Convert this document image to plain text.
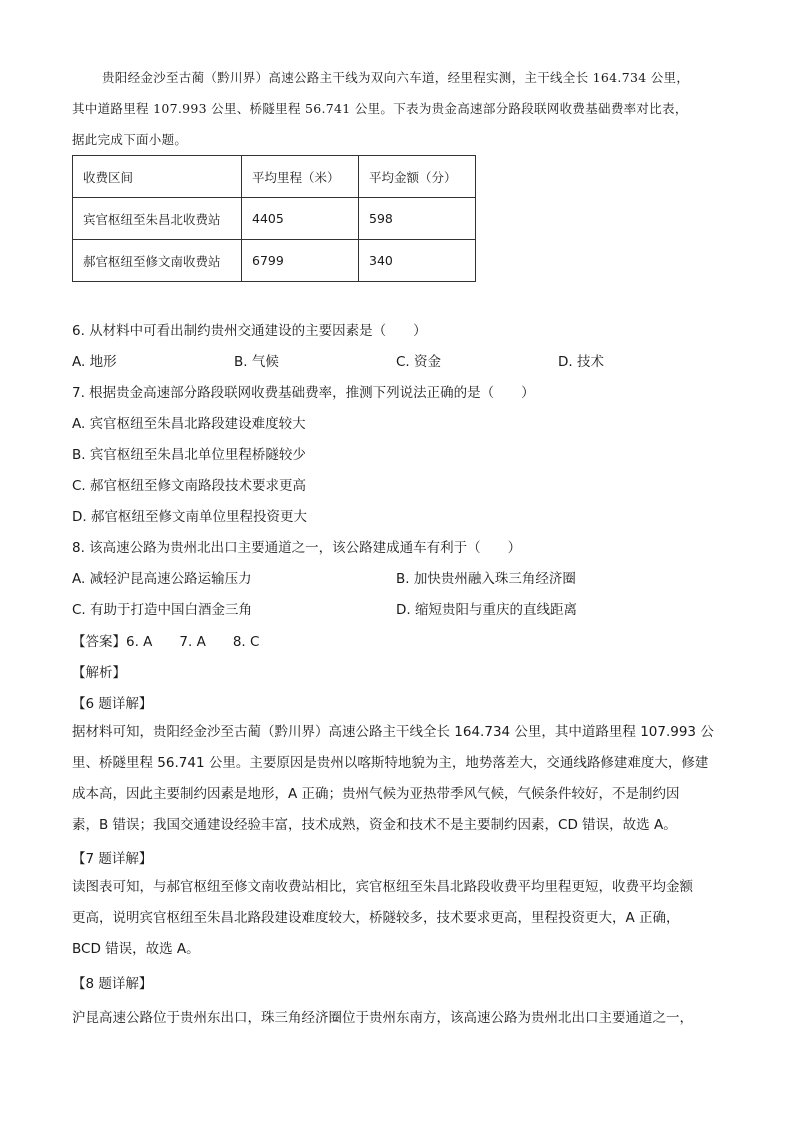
贵阳经金沙至古蔺（黔川界）高速公路主干线为双向六车道，经里程实测，主干线全长 164.734 公里，
其中道路里程 107.993 公里、桥隧里程 56.741 公里。下表为贵金高速部分路段联网收费基础费率对比表，
据此完成下面小题。
收费区间	平均里程（米）	平均金额（分）
宾官枢纽至朱昌北收费站	4405	598
郝官枢纽至修文南收费站	6799	340
6. 从材料中可看出制约贵州交通建设的主要因素是（　　）
A. 地形	B. 气候	C. 资金	D. 技术
7. 根据贵金高速部分路段联网收费基础费率，推测下列说法正确的是（　　）
A. 宾官枢纽至朱昌北路段建设难度较大
B. 宾官枢纽至朱昌北单位里程桥隧较少
C. 郝官枢纽至修文南路段技术要求更高
D. 郝官枢纽至修文南单位里程投资更大
8. 该高速公路为贵州北出口主要通道之一，该公路建成通车有利于（　　）
A. 减轻沪昆高速公路运输压力	B. 加快贵州融入珠三角经济圈
C. 有助于打造中国白酒金三角	D. 缩短贵阳与重庆的直线距离
【答案】6. A　　7. A　　8. C
【解析】
【6 题详解】
据材料可知，贵阳经金沙至古蔺（黔川界）高速公路主干线全长 164.734 公里，其中道路里程 107.993 公
里、桥隧里程 56.741 公里。主要原因是贵州以喀斯特地貌为主，地势落差大，交通线路修建难度大，修建
成本高，因此主要制约因素是地形，A 正确；贵州气候为亚热带季风气候，气候条件较好，不是制约因
素，B 错误；我国交通建设经验丰富，技术成熟，资金和技术不是主要制约因素，CD 错误，故选 A。
【7 题详解】
读图表可知，与郝官枢纽至修文南收费站相比，宾官枢纽至朱昌北路段收费平均里程更短，收费平均金额
更高，说明宾官枢纽至朱昌北路段建设难度较大，桥隧较多，技术要求更高，里程投资更大，A 正确，
BCD 错误，故选 A。
【8 题详解】
沪昆高速公路位于贵州东出口，珠三角经济圈位于贵州东南方，该高速公路为贵州北出口主要通道之一，
